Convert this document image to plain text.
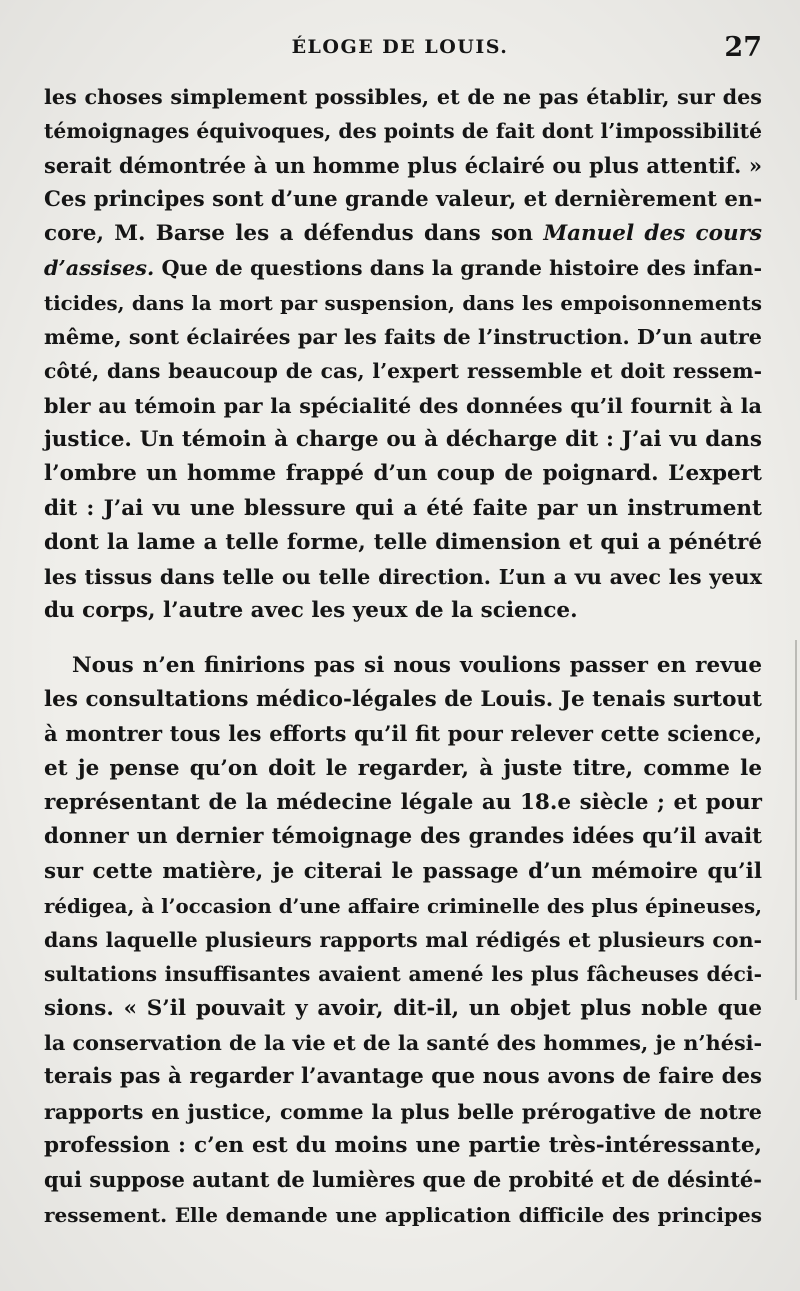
ÉLOGE DE LOUIS.	27
les choses simplement possibles, et de ne pas établir, sur des
témoignages équivoques, des points de fait dont l’impossibilité
serait démontrée à un homme plus éclairé ou plus attentif. »
Ces principes sont d’une grande valeur, et dernièrement en-
core, M. Barse les a défendus dans son Manuel des cours
d’assises. Que de questions dans la grande histoire des infan-
ticides, dans la mort par suspension, dans les empoisonnements
même, sont éclairées par les faits de l’instruction. D’un autre
côté, dans beaucoup de cas, l’expert ressemble et doit ressem-
bler au témoin par la spécialité des données qu’il fournit à la
justice. Un témoin à charge ou à décharge dit : J’ai vu dans
l’ombre un homme frappé d’un coup de poignard. L’expert
dit : J’ai vu une blessure qui a été faite par un instrument
dont la lame a telle forme, telle dimension et qui a pénétré
les tissus dans telle ou telle direction. L’un a vu avec les yeux
du corps, l’autre avec les yeux de la science.
Nous n’en finirions pas si nous voulions passer en revue
les consultations médico-légales de Louis. Je tenais surtout
à montrer tous les efforts qu’il fit pour relever cette science,
et je pense qu’on doit le regarder, à juste titre, comme le
représentant de la médecine légale au 18.e siècle ; et pour
donner un dernier témoignage des grandes idées qu’il avait
sur cette matière, je citerai le passage d’un mémoire qu’il
rédigea, à l’occasion d’une affaire criminelle des plus épineuses,
dans laquelle plusieurs rapports mal rédigés et plusieurs con-
sultations insuffisantes avaient amené les plus fâcheuses déci-
sions. « S’il pouvait y avoir, dit-il, un objet plus noble que
la conservation de la vie et de la santé des hommes, je n’hési-
terais pas à regarder l’avantage que nous avons de faire des
rapports en justice, comme la plus belle prérogative de notre
profession : c’en est du moins une partie très-intéressante,
qui suppose autant de lumières que de probité et de désinté-
ressement. Elle demande une application difficile des principes
